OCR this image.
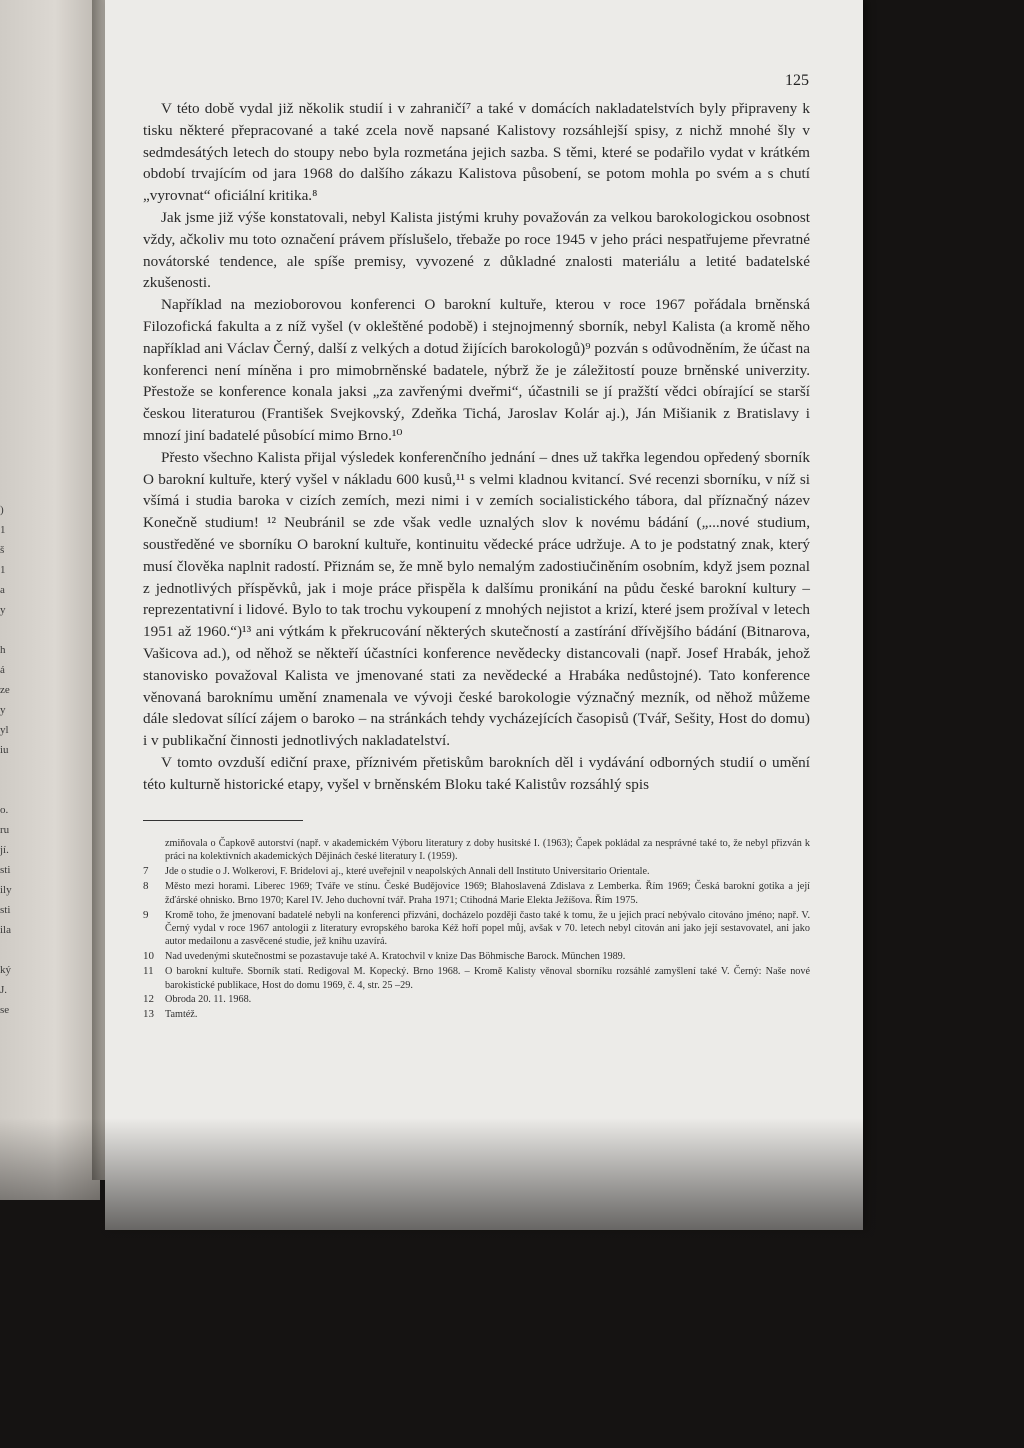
)
1
š
1
a
y
h
á
ze
y
yl
iu
o.
ru
jí.
sti
ily
sti
ila
ký
J.
se
125

V této době vydal již několik studií i v zahraničí⁷ a také v domácích nakladatelstvích byly připraveny k tisku některé přepracované a také zcela nově napsané Kalistovy rozsáhlejší spisy, z nichž mnohé šly v sedmdesátých letech do stoupy nebo byla rozmetána jejich sazba. S těmi, které se podařilo vydat v krátkém období trvajícím od jara 1968 do dalšího zákazu Kalistova působení, se potom mohla po svém a s chutí „vyrovnat“ oficiální kritika.⁸

Jak jsme již výše konstatovali, nebyl Kalista jistými kruhy považován za velkou barokologickou osobnost vždy, ačkoliv mu toto označení právem příslušelo, třebaže po roce 1945 v jeho práci nespatřujeme převratné novátorské tendence, ale spíše premisy, vyvozené z důkladné znalosti materiálu a letité badatelské zkušenosti.

Například na mezioborovou konferenci O barokní kultuře, kterou v roce 1967 pořádala brněnská Filozofická fakulta a z níž vyšel (v okleštěné podobě) i stejnojmenný sborník, nebyl Kalista (a kromě něho například ani Václav Černý, další z velkých a dotud žijících barokologů)⁹ pozván s odůvodněním, že účast na konferenci není míněna i pro mimobrněnské badatele, nýbrž že je záležitostí pouze brněnské univerzity. Přestože se konference konala jaksi „za zavřenými dveřmi“, účastnili se jí pražští vědci obírající se starší českou literaturou (František Svejkovský, Zdeňka Tichá, Jaroslav Kolár aj.), Ján Mišianik z Bratislavy i mnozí jiní badatelé působící mimo Brno.¹⁰

Přesto všechno Kalista přijal výsledek konferenčního jednání – dnes už takřka legendou opředený sborník O barokní kultuře, který vyšel v nákladu 600 kusů,¹¹ s velmi kladnou kvitancí. Své recenzi sborníku, v níž si všímá i studia baroka v cizích zemích, mezi nimi i v zemích socialistického tábora, dal příznačný název Konečně studium! ¹² Neubránil se zde však vedle uznalých slov k novému bádání („...nové studium, soustředěné ve sborníku O barokní kultuře, kontinuitu vědecké práce udržuje. A to je podstatný znak, který musí člověka naplnit radostí. Přiznám se, že mně bylo nemalým zadostiučiněním osobním, když jsem poznal z jednotlivých příspěvků, jak i moje práce přispěla k dalšímu pronikání na půdu české barokní kultury – reprezentativní i lidové. Bylo to tak trochu vykoupení z mnohých nejistot a krizí, které jsem prožíval v letech 1951 až 1960.“)¹³ ani výtkám k překrucování některých skutečností a zastírání dřívějšího bádání (Bitnarova, Vašicova ad.), od něhož se někteří účastníci konference nevědecky distancovali (např. Josef Hrabák, jehož stanovisko považoval Kalista ve jmenované stati za nevědecké a Hrabáka nedůstojné). Tato konference věnovaná baroknímu umění znamenala ve vývoji české barokologie význačný mezník, od něhož můžeme dále sledovat sílící zájem o baroko – na stránkách tehdy vycházejících časopisů (Tvář, Sešity, Host do domu) i v publikační činnosti jednotlivých nakladatelství.

V tomto ovzduší ediční praxe, příznivém přetiskům barokních děl i vydávání odborných studií o umění této kulturně historické etapy, vyšel v brněnském Bloku také Kalistův rozsáhlý spis

zmiňovala o Čapkově autorství (např. v akademickém Výboru literatury z doby husitské I. (1963); Čapek pokládal za nesprávné také to, že nebyl přizván k práci na kolektivních akademických Dějinách české literatury I. (1959).
7	Jde o studie o J. Wolkerovi, F. Bridelovi aj., které uveřejnil v neapolských Annali dell Instituto Universitario Orientale.
8	Město mezi horami. Liberec 1969; Tváře ve stínu. České Budějovice 1969; Blahoslavená Zdislava z Lemberka. Řím 1969; Česká barokní gotika a její žďárské ohnisko. Brno 1970; Karel IV. Jeho duchovní tvář. Praha 1971; Ctihodná Marie Elekta Ježíšova. Řím 1975.
9	Kromě toho, že jmenovaní badatelé nebyli na konferenci přizváni, docházelo později často také k tomu, že u jejich prací nebývalo citováno jméno; např. V. Černý vydal v roce 1967 antologii z literatury evropského baroka Kéž hoří popel můj, avšak v 70. letech nebyl citován ani jako její sestavovatel, ani jako autor medailonu a zasvěcené studie, jež knihu uzavírá.
10	Nad uvedenými skutečnostmi se pozastavuje také A. Kratochvil v knize Das Böhmische Barock. München 1989.
11	O barokní kultuře. Sborník statí. Redigoval M. Kopecký. Brno 1968. – Kromě Kalisty věnoval sborníku rozsáhlé zamyšlení také V. Černý: Naše nové barokistické publikace, Host do domu 1969, č. 4, str. 25 –29.
12	Obroda 20. 11. 1968.
13	Tamtéž.
